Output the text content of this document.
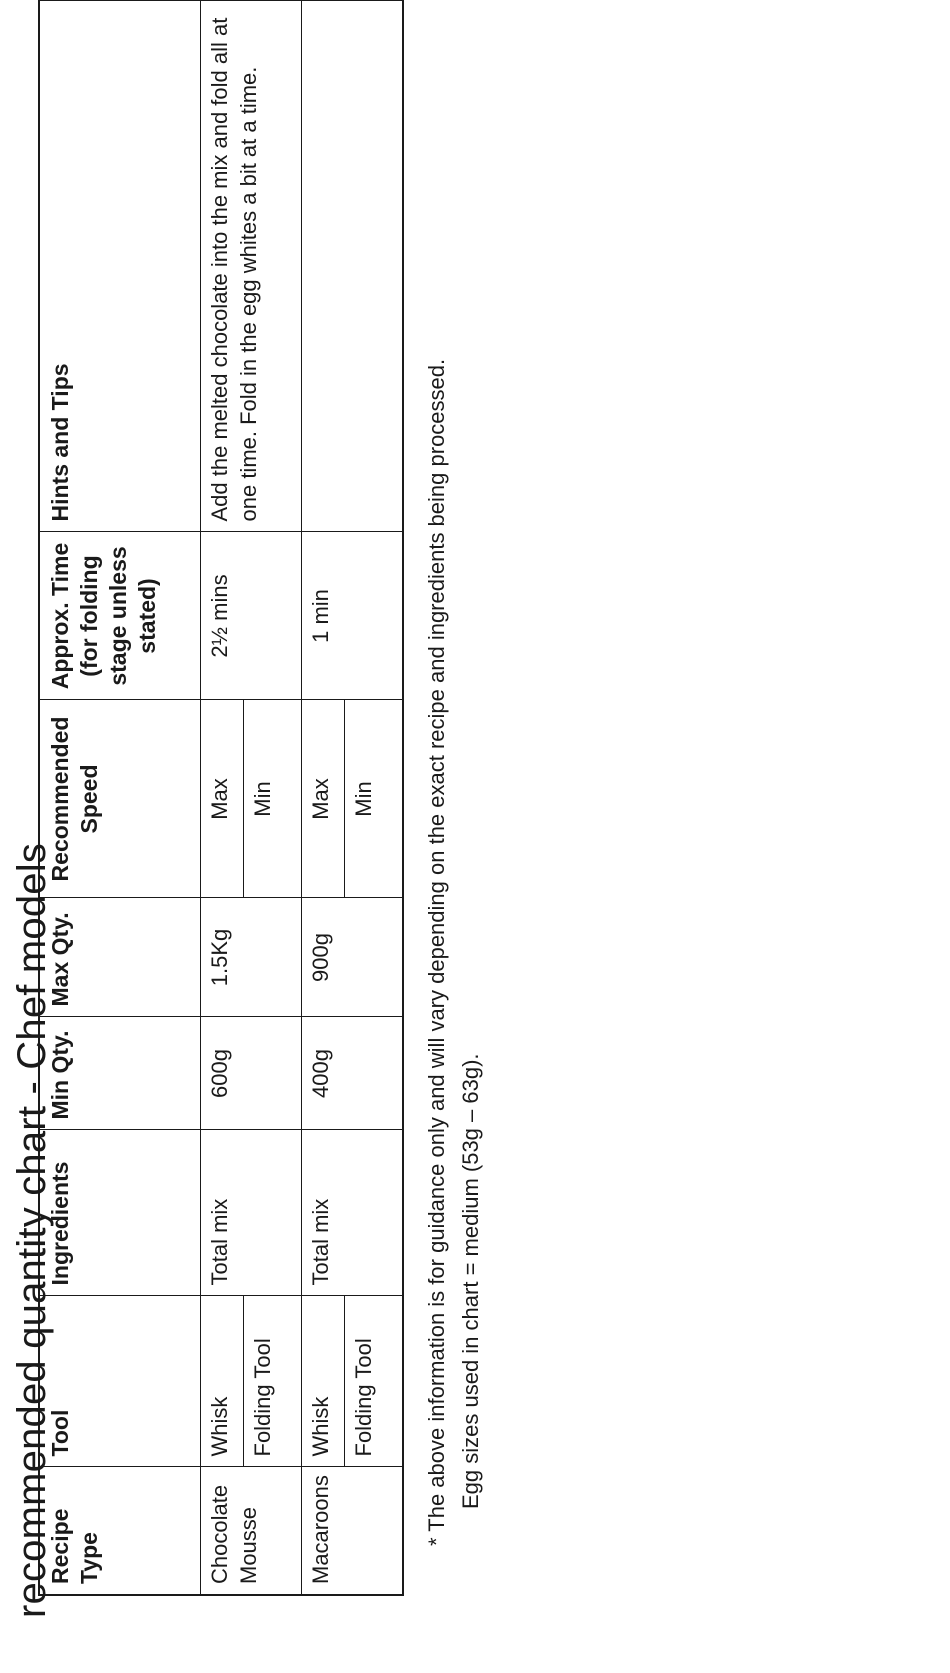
recommended quantity chart - Chef models
Recipe Type	Tool	Ingredients	Min Qty.	Max Qty.	Recommended Speed	Approx. Time (for folding stage unless stated)	Hints and Tips
Chocolate Mousse	Whisk	Total mix	600g	1.5Kg	Max	2½ mins	Add the melted chocolate into the mix and fold all at one time. Fold in the egg whites a bit at a time.
	Folding Tool				Min		
Macaroons	Whisk	Total mix	400g	900g	Max	1 min	
	Folding Tool				Min		* The above information is for guidance only and will vary depending on the exact recipe and ingredients being processed. Egg sizes used in chart = medium (53g – 63g).
